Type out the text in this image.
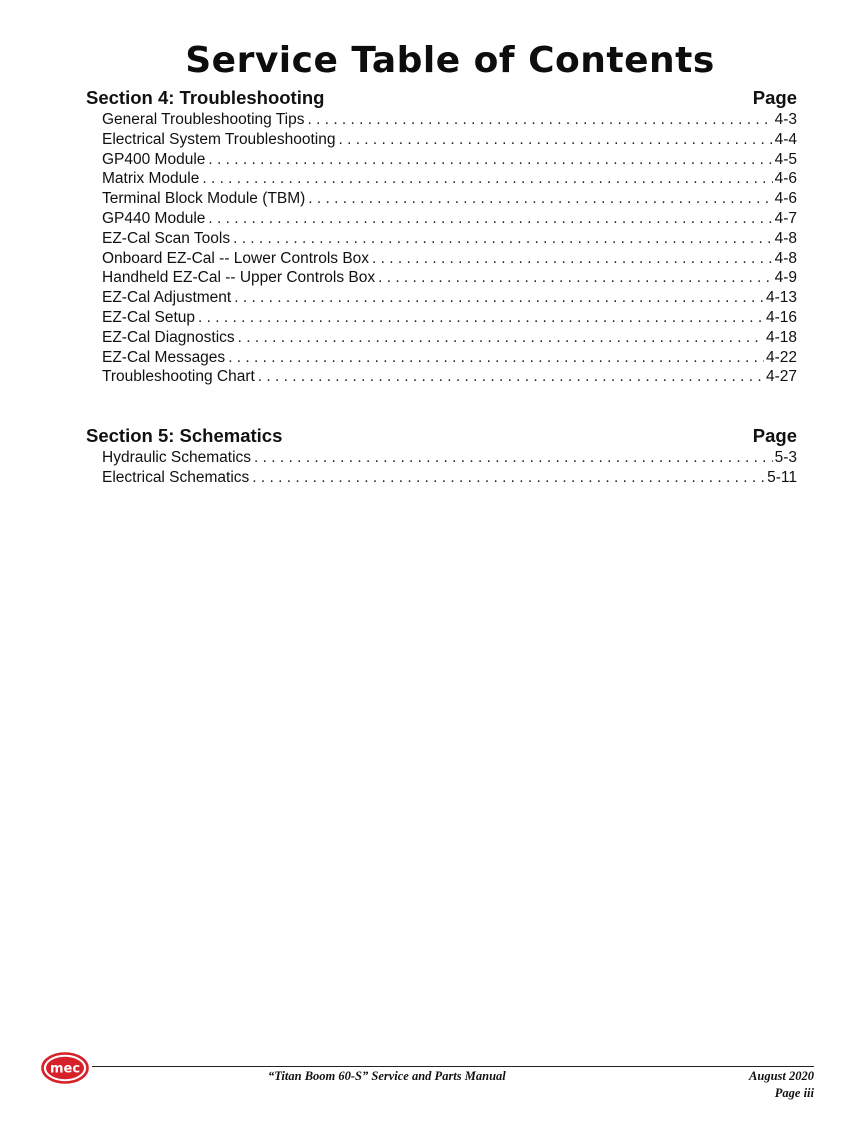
Service Table of Contents
Section 4: Troubleshooting	Page
General Troubleshooting Tips . . .	4-3
Electrical System Troubleshooting . . .	4-4
GP400 Module . . .	4-5
Matrix Module . . .	4-6
Terminal Block Module (TBM) . . .	4-6
GP440 Module . . .	4-7
EZ-Cal Scan Tools . . .	4-8
Onboard EZ-Cal -- Lower Controls Box . . .	4-8
Handheld EZ-Cal -- Upper Controls Box . . .	4-9
EZ-Cal Adjustment . . .	4-13
EZ-Cal Setup . . .	4-16
EZ-Cal Diagnostics . . .	4-18
EZ-Cal Messages . . .	4-22
Troubleshooting Chart . . .	4-27
Section 5: Schematics	Page
Hydraulic Schematics . . .	5-3
Electrical Schematics . . .	5-11
mec	“Titan Boom 60-S” Service and Parts Manual	August 2020
Page iii
